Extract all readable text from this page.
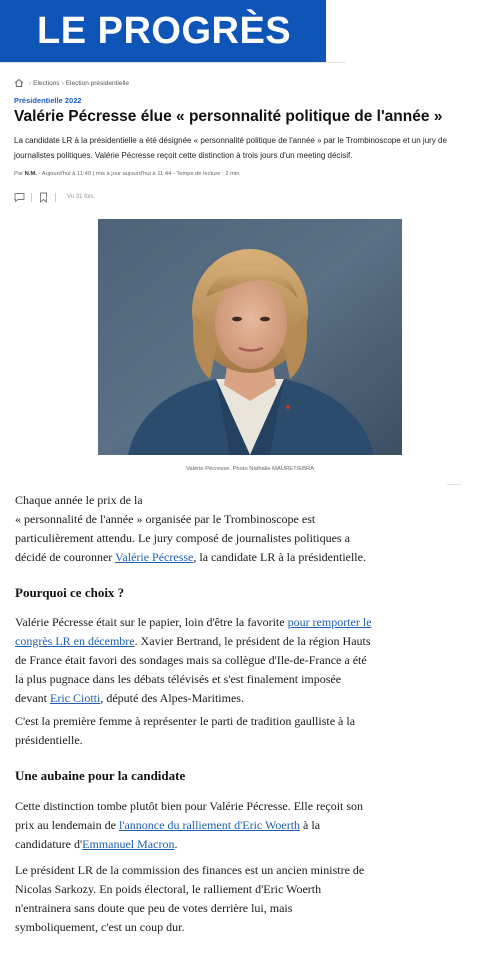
LE PROGRÈS
› Elections › Election présidentielle
Présidentielle 2022
Valérie Pécresse élue « personnalité politique de l'année »

La candidate LR à la présidentielle a été désignée « personnalité politique de l'année » par le Trombinoscope et un jury de journalistes politiques. Valérie Pécresse reçoit cette distinction à trois jours d'un meeting décisif.

Par N.M. - Aujourd'hui à 11:40 | mis à jour aujourd'hui à 11:44 - Temps de lecture : 2 min
Vu 31 fois
Valérie Pécresse. Photo Nathalie MAURET/EBRA
Chaque année le prix de la
« personnalité de l'année » organisée par le Trombinoscope est particulièrement attendu. Le jury composé de journalistes politiques a décidé de couronner Valérie Pécresse, la candidate LR à la présidentielle.
Pourquoi ce choix ?
Valérie Pécresse était sur le papier, loin d'être la favorite pour remporter le congrès LR en décembre. Xavier Bertrand, le président de la région Hauts de France était favori des sondages mais sa collègue d'Ile-de-France a été la plus pugnace dans les débats télévisés et s'est finalement imposée devant Eric Ciotti, député des Alpes-Maritimes.
C'est la première femme à représenter le parti de tradition gaulliste à la présidentielle.
Une aubaine pour la candidate
Cette distinction tombe plutôt bien pour Valérie Pécresse. Elle reçoit son prix au lendemain de l'annonce du ralliement d'Eric Woerth à la candidature d'Emmanuel Macron.
Le président LR de la commission des finances est un ancien ministre de Nicolas Sarkozy. En poids électoral, le ralliement d'Eric Woerth n'entrainera sans doute que peu de votes derrière lui, mais symboliquement, c'est un coup dur.
